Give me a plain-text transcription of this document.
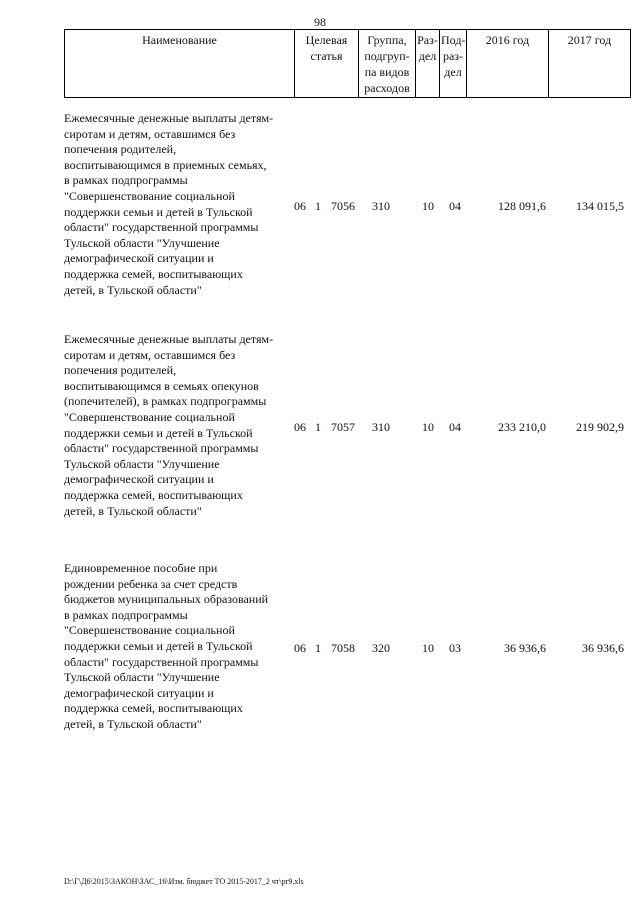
98
Наименование	Целевая статья	Группа, подгруп-па видов расходов	Раз-дел	Под-раз-дел	2016 год	2017 год
Ежемесячные денежные выплаты детям-
сиротам и детям, оставшимся без
попечения родителей,
воспитывающимся в приемных семьях,
в рамках подпрограммы
"Совершенствование социальной
поддержки семьи и детей в Тульской
области" государственной программы
Тульской области "Улучшение
демографической ситуации и
поддержка семей, воспитывающих
детей, в Тульской области"
06 1 7056	310	10	04	128 091,6	134 015,5
Ежемесячные денежные выплаты детям-
сиротам и детям, оставшимся без
попечения родителей,
воспитывающимся в семьях опекунов
(попечителей), в рамках подпрограммы
"Совершенствование социальной
поддержки семьи и детей в Тульской
области" государственной программы
Тульской области "Улучшение
демографической ситуации и
поддержка семей, воспитывающих
детей, в Тульской области"
06 1 7057	310	10	04	233 210,0	219 902,9
Единовременное пособие при
рождении ребенка за счет средств
бюджетов муниципальных образований
в рамках подпрограммы
"Совершенствование социальной
поддержки семьи и детей в Тульской
области" государственной программы
Тульской области "Улучшение
демографической ситуации и
поддержка семей, воспитывающих
детей, в Тульской области"
06 1 7058	320	10	03	36 936,6	36 936,6
D:\Г\Д6\2015\ЗАКОН\ЗАС_16\Изм. бюджет ТО 2015-2017_2 чт\pr9.xls
